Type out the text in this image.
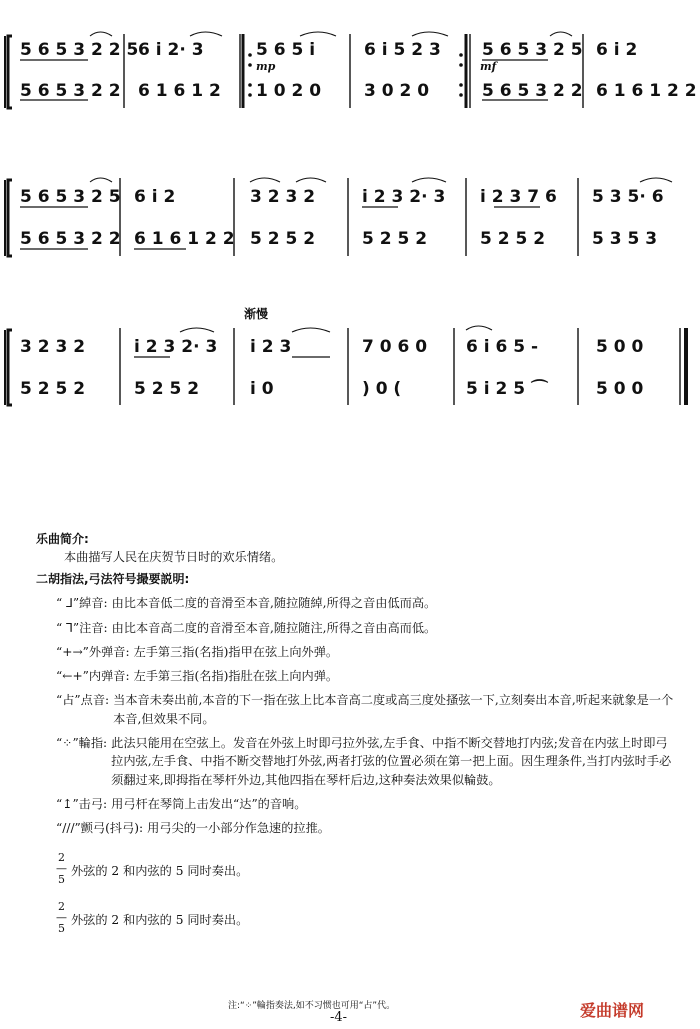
5 6 5 3 2 2 5
5 6 5 3 2 2
6 i 2· 3
6 1 6 1 2
5 6 5 i
1 0 2 0
6 i 5 2 3
3 0 2 0
5 6 5 3 2 5
5 6 5 3 2 2
6 i 2
6 1 6 1 2 2
mp	mf
5 6 5 3 2 5
5 6 5 3 2 2
6 i 2
6 1 6 1 2 2
3 2 3 2
5 2 5 2
i 2 3 2· 3
5 2 5 2
i 2 3 7 6
5 2 5 2
5 3 5· 6
5 3 5 3
渐慢
3 2 3 2
5 2 5 2
i 2 3 2· 3
5 2 5 2
i 2 3
i 0
7 0 6 0
) 0 (
6 i 6 5 -
5 i 2 5 ⌒
5 0 0
5 0 0

乐曲简介:

本曲描写人民在庆贺节日时的欢乐情绪。

二胡指法,弓法符号撮要説明:

“ ⅃”綽音: 由比本音低二度的音滑至本音,随拉随綽,所得之音由低而高。
“ ⅂”注音: 由比本音高二度的音滑至本音,随拉随注,所得之音由高而低。
“+→”外弹音: 左手第三指(名指)指甲在弦上向外弹。
“←+”内弹音: 左手第三指(名指)指肚在弦上向内弹。
“占”点音: 当本音未奏出前,本音的下一指在弦上比本音高二度或高三度处搔弦一下,立刻奏出本音,听起来就象是一个本音,但效果不同。
“⁘”輪指: 此法只能用在空弦上。发音在外弦上时即弓拉外弦,左手食、中指不断交替地打内弦;发音在内弦上时即弓拉内弦,左手食、中指不断交替地打外弦,两者打弦的位置必须在第一把上面。因生理条件,当打内弦时手必须翻过来,即拇指在琴杆外边,其他四指在琴杆后边,这种奏法效果似輪鼓。
“↥”击弓: 用弓杆在琴筒上击发出“达”的音响。
“///”颤弓(抖弓): 用弓尖的一小部分作急速的拉推。
2
—
5
外弦的 2 和内弦的 5 同时奏出。
2
—
5
外弦的 2 和内弦的 5 同时奏出。
注:“⁘”輪指奏法,如不习惯也可用“占”代。
-4-	爱曲谱网
